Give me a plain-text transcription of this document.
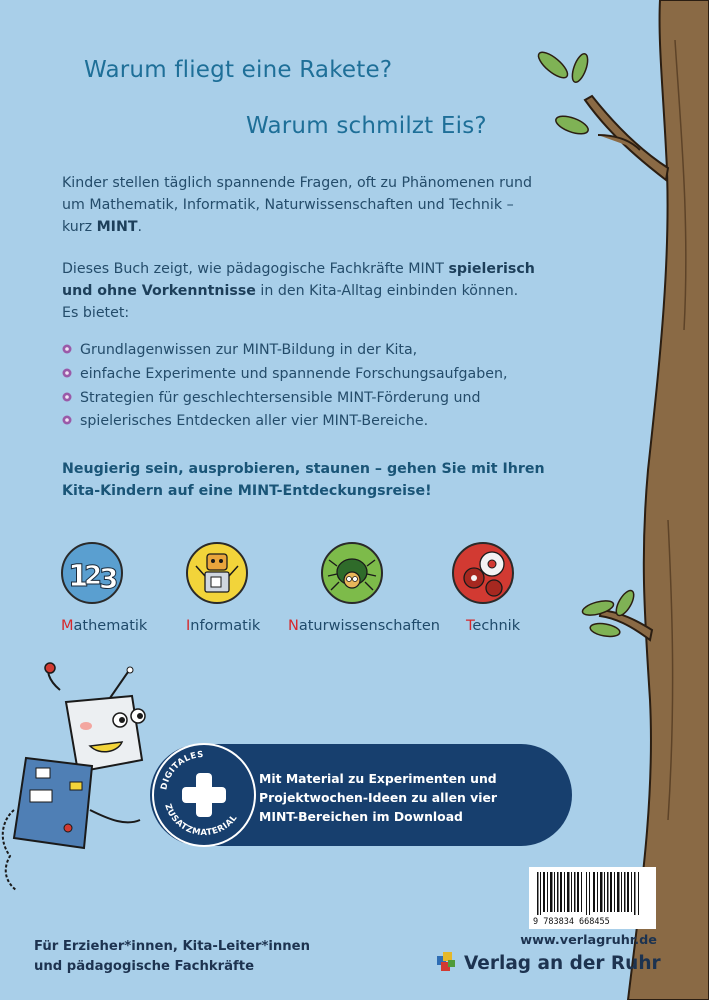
Warum fliegt eine Rakete?
Warum schmilzt Eis?
Kinder stellen täglich spannende Fragen, oft zu Phänomenen rund
um Mathematik, Informatik, Naturwissenschaften und Technik –
kurz MINT.
Dieses Buch zeigt, wie pädagogische Fachkräfte MINT spielerisch
und ohne Vorkenntnisse in den Kita-Alltag einbinden können.
Es bietet:
Grundlagenwissen zur MINT-Bildung in der Kita,
einfache Experimente und spannende Forschungsaufgaben,
Strategien für geschlechtersensible MINT-Förderung und
spielerisches Entdecken aller vier MINT-Bereiche.
Neugierig sein, ausprobieren, staunen – gehen Sie mit Ihren
Kita-Kindern auf eine MINT-Entdeckungsreise!
1
2
3
Mathematik	Informatik Naturwissenschaften Technik
DIGITALES
ZUSATZMATERIAL
Mit Material zu Experimenten und
Projektwochen-Ideen zu allen vier
MINT-Bereichen im Download
9 783834 668455
Für Erzieher*innen, Kita-Leiter*innen
und pädagogische Fachkräfte
www.verlagruhr.de
Verlag an der Ruhr
